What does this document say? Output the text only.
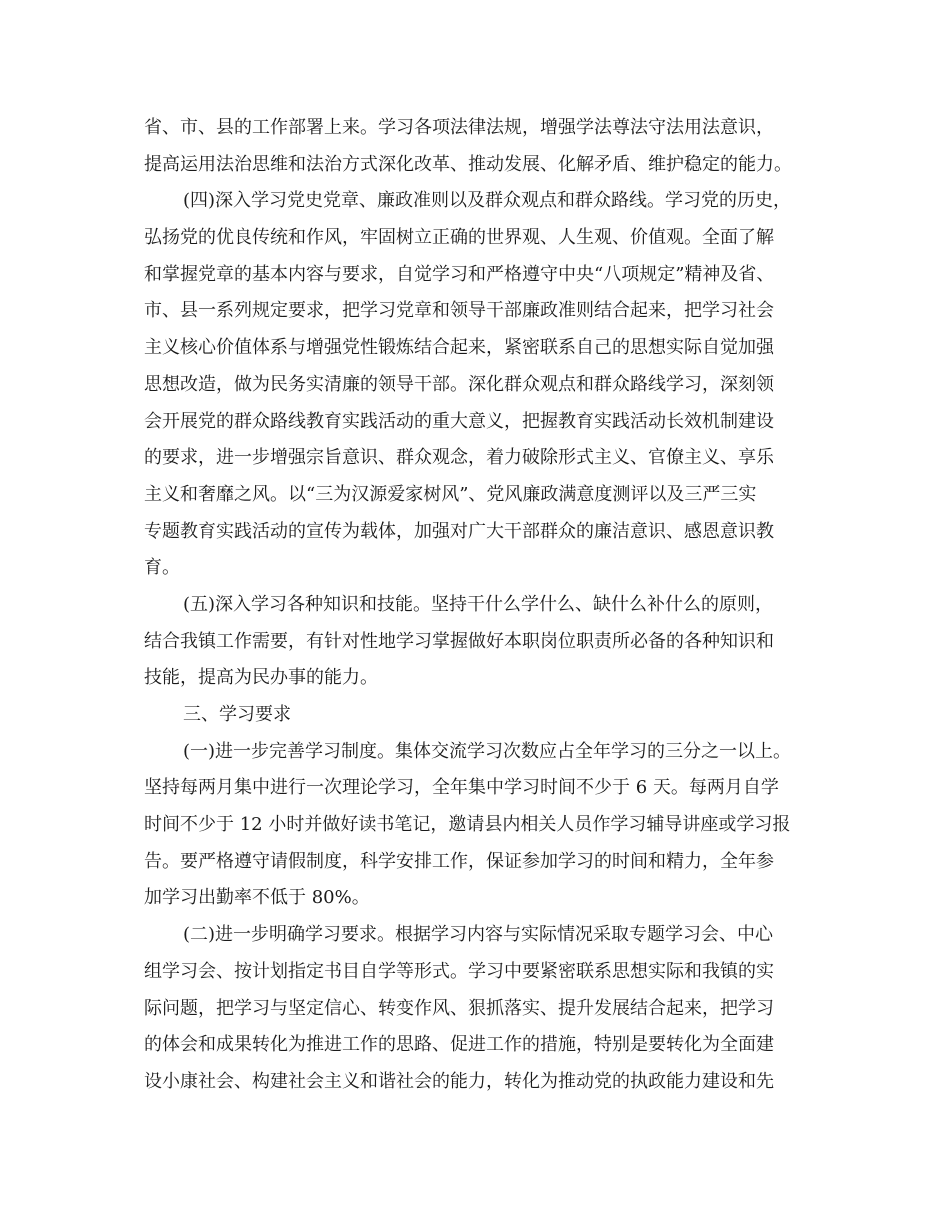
省、市、县的工作部署上来。学习各项法律法规，增强学法尊法守法用法意识，
提高运用法治思维和法治方式深化改革、推动发展、化解矛盾、维护稳定的能力。
(四)深入学习党史党章、廉政准则以及群众观点和群众路线。学习党的历史，
弘扬党的优良传统和作风，牢固树立正确的世界观、人生观、价值观。全面了解
和掌握党章的基本内容与要求，自觉学习和严格遵守中央“八项规定”精神及省、
市、县一系列规定要求，把学习党章和领导干部廉政准则结合起来，把学习社会
主义核心价值体系与增强党性锻炼结合起来，紧密联系自己的思想实际自觉加强
思想改造，做为民务实清廉的领导干部。深化群众观点和群众路线学习，深刻领
会开展党的群众路线教育实践活动的重大意义，把握教育实践活动长效机制建设
的要求，进一步增强宗旨意识、群众观念，着力破除形式主义、官僚主义、享乐
主义和奢靡之风。以“三为汉源爱家树风”、党风廉政满意度测评以及三严三实
专题教育实践活动的宣传为载体，加强对广大干部群众的廉洁意识、感恩意识教
育。
(五)深入学习各种知识和技能。坚持干什么学什么、缺什么补什么的原则，
结合我镇工作需要，有针对性地学习掌握做好本职岗位职责所必备的各种知识和
技能，提高为民办事的能力。
三、学习要求
(一)进一步完善学习制度。集体交流学习次数应占全年学习的三分之一以上。
坚持每两月集中进行一次理论学习，全年集中学习时间不少于 6 天。每两月自学
时间不少于 12 小时并做好读书笔记，邀请县内相关人员作学习辅导讲座或学习报
告。要严格遵守请假制度，科学安排工作，保证参加学习的时间和精力，全年参
加学习出勤率不低于 80%。
(二)进一步明确学习要求。根据学习内容与实际情况采取专题学习会、中心
组学习会、按计划指定书目自学等形式。学习中要紧密联系思想实际和我镇的实
际问题，把学习与坚定信心、转变作风、狠抓落实、提升发展结合起来，把学习
的体会和成果转化为推进工作的思路、促进工作的措施，特别是要转化为全面建
设小康社会、构建社会主义和谐社会的能力，转化为推动党的执政能力建设和先
